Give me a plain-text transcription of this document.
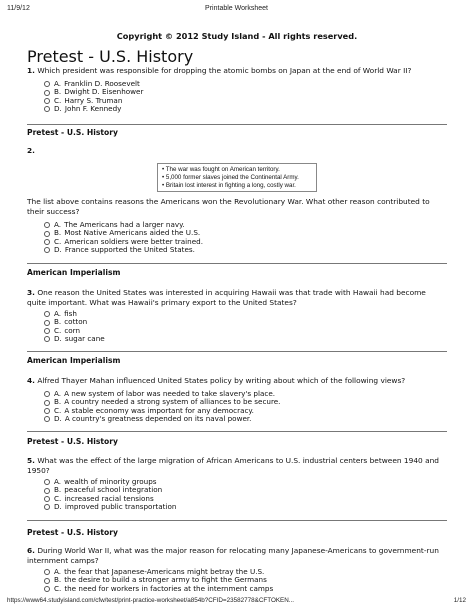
11/9/12	Printable Worksheet
Copyright © 2012 Study Island - All rights reserved.
Pretest - U.S. History
1. Which president was responsible for dropping the atomic bombs on Japan at the end of World War II?
A. Franklin D. Roosevelt
B. Dwight D. Eisenhower
C. Harry S. Truman
D. John F. Kennedy
Pretest - U.S. History
2.
• The war was fought on American territory.
• 5,000 former slaves joined the Continental Army.
• Britain lost interest in fighting a long, costly war.
The list above contains reasons the Americans won the Revolutionary War. What other reason contributed to their success?
A. The Americans had a larger navy.
B. Most Native Americans aided the U.S.
C. American soldiers were better trained.
D. France supported the United States.
American Imperialism
3. One reason the United States was interested in acquiring Hawaii was that trade with Hawaii had become quite important. What was Hawaii's primary export to the United States?
A. fish
B. cotton
C. corn
D. sugar cane
American Imperialism
4. Alfred Thayer Mahan influenced United States policy by writing about which of the following views?
A. A new system of labor was needed to take slavery's place.
B. A country needed a strong system of alliances to be secure.
C. A stable economy was important for any democracy.
D. A country's greatness depended on its naval power.
Pretest - U.S. History
5. What was the effect of the large migration of African Americans to U.S. industrial centers between 1940 and 1950?
A. wealth of minority groups
B. peaceful school integration
C. increased racial tensions
D. improved public transportation
Pretest - U.S. History
6. During World War II, what was the major reason for relocating many Japanese-Americans to government-run internment camps?
A. the fear that Japanese-Americans might betray the U.S.
B. the desire to build a stronger army to fight the Germans
C. the need for workers in factories at the internment camps
https://www64.studyisland.com/cfw/test/print-practice-worksheet/a854b?CFID=23582778&CFTOKEN...	1/12
